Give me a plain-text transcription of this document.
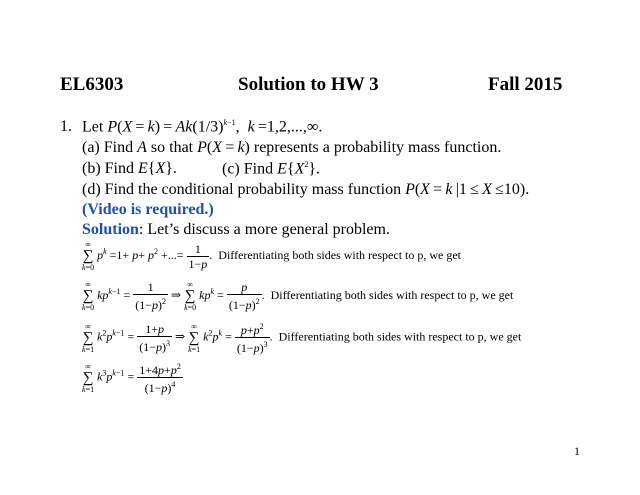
EL6303	Solution to HW 3	Fall 2015
1. Let $P(X = k) = Ak(1/3)^{k-1}$,  k =1,2,...,∞.
(a) Find A so that P(X = k) represents a probability mass function.
(b) Find E{X}.	(c) Find $E\{X^2\}$.
(d) Find the conditional probability mass function P(X = k |1 ≤ X ≤10).
(Video is required.)
Solution: Let’s discuss a more general problem.
∞
∑
k=0 $p^k =1+ p+ p^2$ +...= $\frac{1}{1-p}$ .  Differentiating both sides with respect to p, we get
∞
∑
k=0 $kp^{k-1} = \frac{1}{(1-p)^2}$ ⇒ ∞
∑
k=0 $kp^k = \frac{p}{(1-p)^2}$ .  Differentiating both sides with respect to p, we get
∞
∑
k=1 $k^2p^{k-1} = \frac{1+p}{(1-p)^3}$ ⇒ ∞
∑
k=1 $k^2p^k = \frac{p+p^2}{(1-p)^3}$ .  Differentiating both sides with respect to p, we get
∞
∑
k=1 $k^3p^{k-1} = \frac{1+4p+p^2}{(1-p)^4}$
1
